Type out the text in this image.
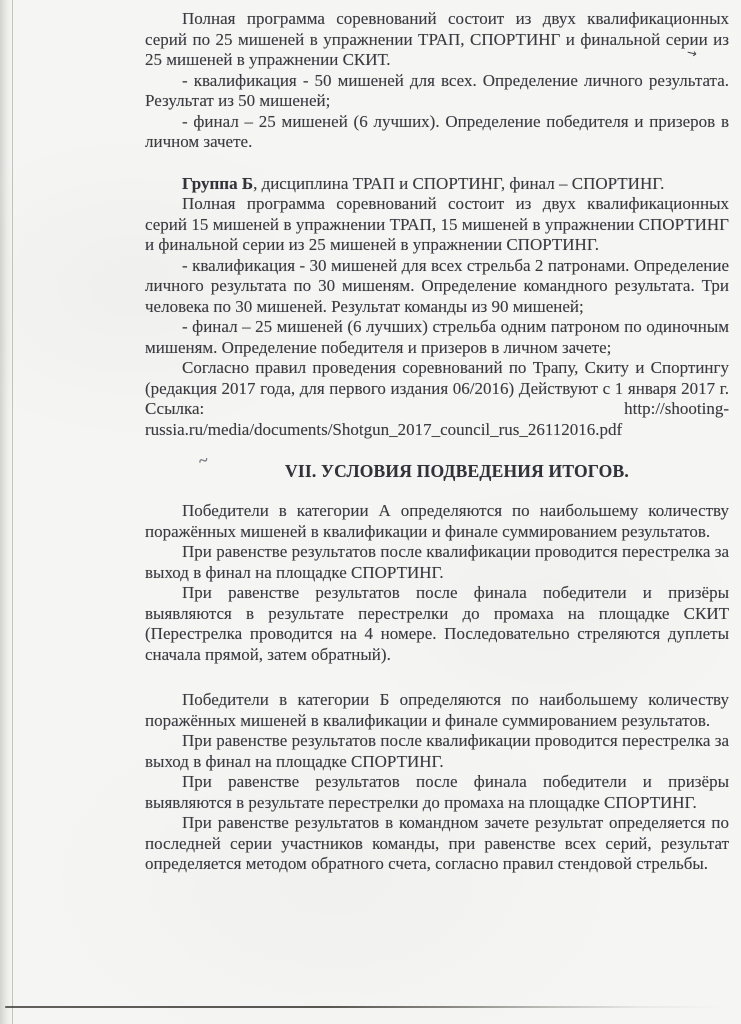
Полная программа соревнований состоит из двух квалификационных серий по 25 мишеней в упражнении ТРАП, СПОРТИНГ и финальной серии из 25 мишеней в упражнении СКИТ.

- квалификация - 50 мишеней для всех. Определение личного результата. Результат из 50 мишеней;

- финал – 25 мишеней (6 лучших). Определение победителя и призеров в личном зачете.

Группа Б, дисциплина ТРАП и СПОРТИНГ, финал – СПОРТИНГ.

Полная программа соревнований состоит из двух квалификационных серий 15 мишеней в упражнении ТРАП, 15 мишеней в упражнении СПОРТИНГ и финальной серии из 25 мишеней в упражнении СПОРТИНГ.

- квалификация - 30 мишеней для всех стрельба 2 патронами. Определение личного результата по 30 мишеням. Определение командного результата. Три человека по 30 мишеней. Результат команды из 90 мишеней;

- финал – 25 мишеней (6 лучших) стрельба одним патроном по одиночным мишеням. Определение победителя и призеров в личном зачете;

Согласно правил проведения соревнований по Трапу, Скиту и Спортингу (редакция 2017 года, для первого издания 06/2016) Действуют с 1 января 2017 г. Ссылка: http://shooting-russia.ru/media/documents/Shotgun_2017_council_rus_26112016.pdf

VII. УСЛОВИЯ ПОДВЕДЕНИЯ ИТОГОВ.

Победители в категории А определяются по наибольшему количеству поражённых мишеней в квалификации и финале суммированием результатов.

При равенстве результатов после квалификации проводится перестрелка за выход в финал на площадке СПОРТИНГ.

При равенстве результатов после финала победители и призёры выявляются в результате перестрелки до промаха на площадке СКИТ (Перестрелка проводится на 4 номере. Последовательно стреляются дуплеты сначала прямой, затем обратный).

Победители в категории Б определяются по наибольшему количеству поражённых мишеней в квалификации и финале суммированием результатов.

При равенстве результатов после квалификации проводится перестрелка за выход в финал на площадке СПОРТИНГ.

При равенстве результатов после финала победители и призёры выявляются в результате перестрелки до промаха на площадке СПОРТИНГ.

При равенстве результатов в командном зачете результат определяется по последней серии участников команды, при равенстве всех серий, результат определяется методом обратного счета, согласно правил стендовой стрельбы.

→
~
